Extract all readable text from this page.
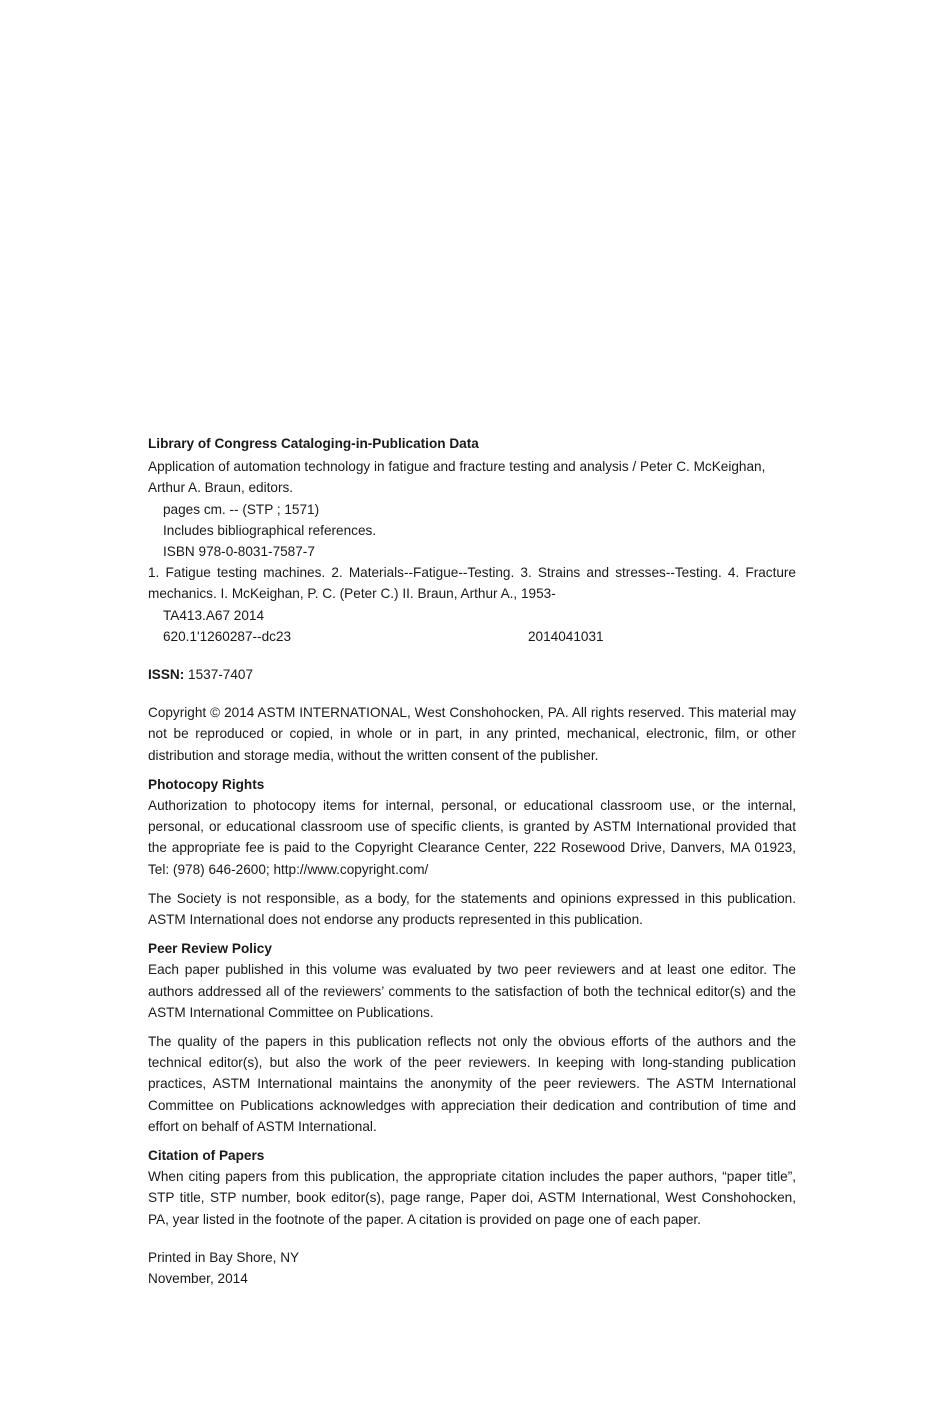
Library of Congress Cataloging-in-Publication Data

Application of automation technology in fatigue and fracture testing and analysis / Peter C. McKeighan, Arthur A. Braun, editors.

pages cm. -- (STP ; 1571)

Includes bibliographical references.

ISBN 978-0-8031-7587-7

1. Fatigue testing machines. 2. Materials--Fatigue--Testing. 3. Strains and stresses--Testing. 4. Fracture mechanics. I. McKeighan, P. C. (Peter C.) II. Braun, Arthur A., 1953-

TA413.A67 2014

620.1'1260287--dc23	2014041031

ISSN: 1537-7407

Copyright © 2014 ASTM INTERNATIONAL, West Conshohocken, PA. All rights reserved. This material may not be reproduced or copied, in whole or in part, in any printed, mechanical, electronic, film, or other distribution and storage media, without the written consent of the publisher.

Photocopy Rights

Authorization to photocopy items for internal, personal, or educational classroom use, or the internal, personal, or educational classroom use of specific clients, is granted by ASTM International provided that the appropriate fee is paid to the Copyright Clearance Center, 222 Rosewood Drive, Danvers, MA 01923, Tel: (978) 646-2600; http://www.copyright.com/

The Society is not responsible, as a body, for the statements and opinions expressed in this publication. ASTM International does not endorse any products represented in this publication.

Peer Review Policy

Each paper published in this volume was evaluated by two peer reviewers and at least one editor. The authors addressed all of the reviewers’ comments to the satisfaction of both the technical editor(s) and the ASTM International Committee on Publications.

The quality of the papers in this publication reflects not only the obvious efforts of the authors and the technical editor(s), but also the work of the peer reviewers. In keeping with long-standing publication practices, ASTM International maintains the anonymity of the peer reviewers. The ASTM International Committee on Publications acknowledges with appreciation their dedication and contribution of time and effort on behalf of ASTM International.

Citation of Papers

When citing papers from this publication, the appropriate citation includes the paper authors, “paper title”, STP title, STP number, book editor(s), page range, Paper doi, ASTM International, West Conshohocken, PA, year listed in the footnote of the paper. A citation is provided on page one of each paper.

Printed in Bay Shore, NY

November, 2014
